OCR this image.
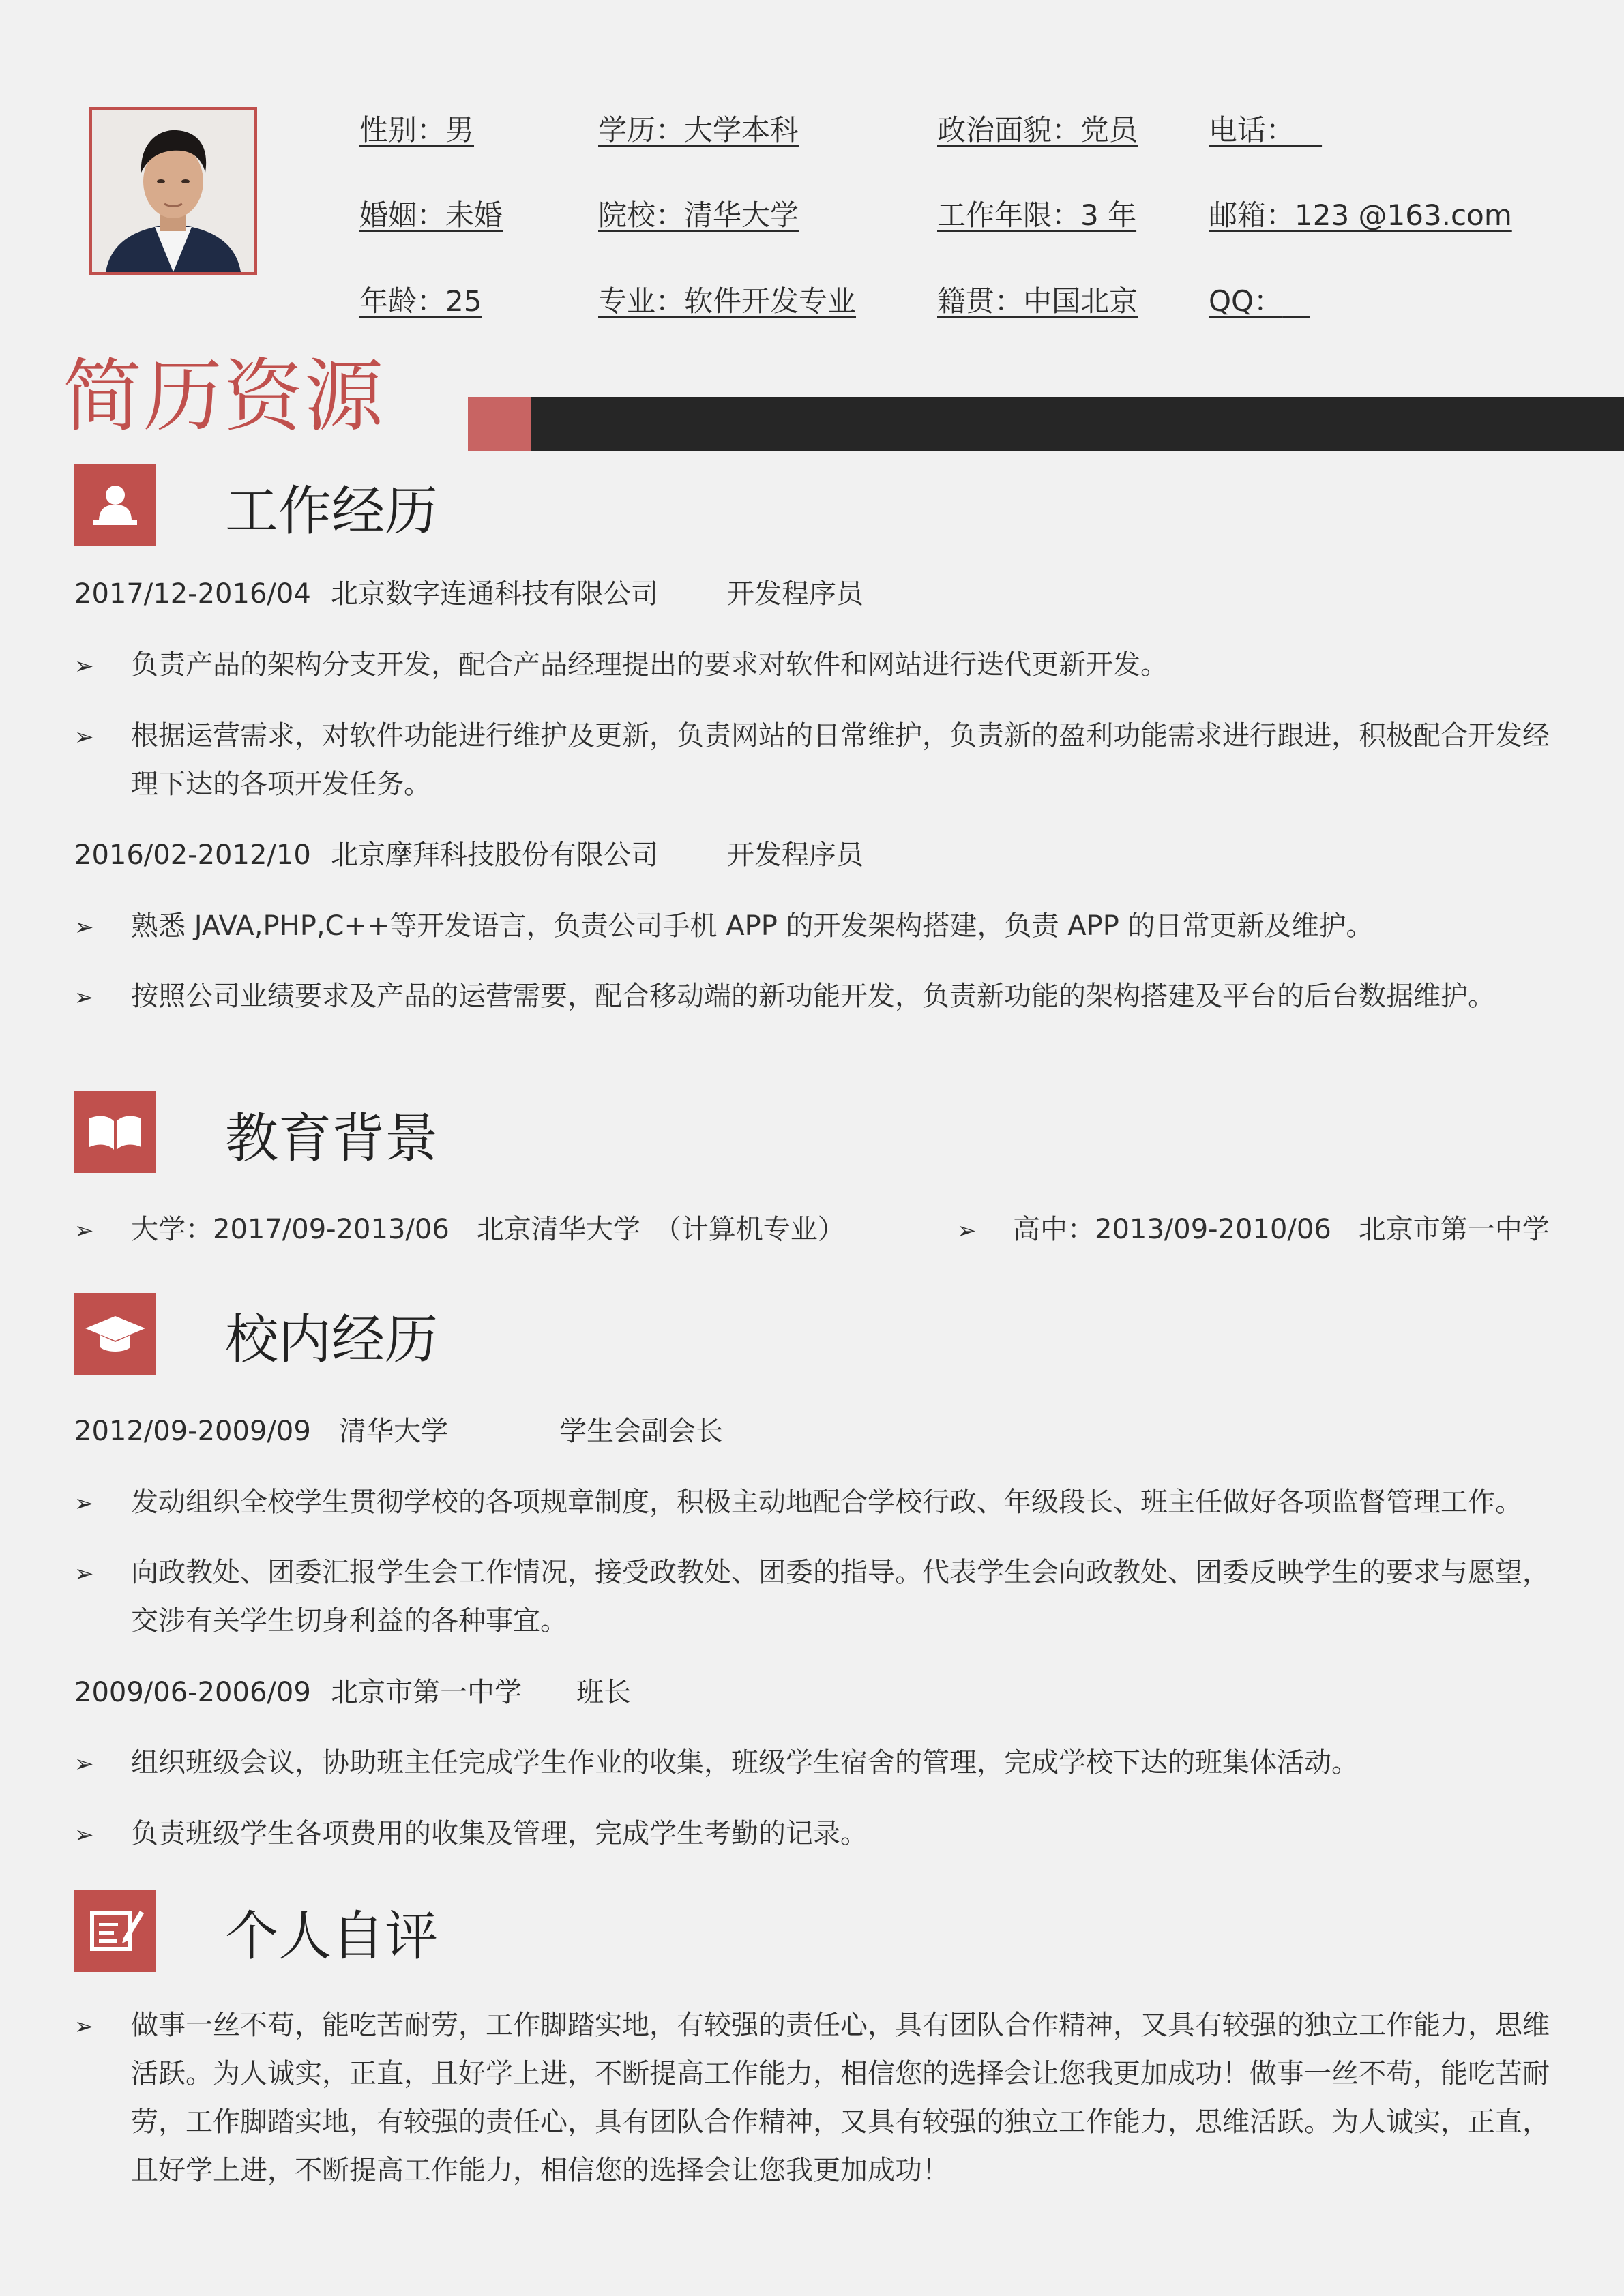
性别：男	学历：大学本科	政治面貌：党员 电话：
婚姻：未婚	院校：清华大学	工作年限：3 年	邮箱：123 @163.com
年龄：25	专业：软件开发专业	籍贯：中国北京 QQ：
简历资源
工作经历
2017/12-2016/04 北京数字连通科技有限公司	开发程序员
➢ 负责产品的架构分支开发，配合产品经理提出的要求对软件和网站进行迭代更新开发。
➢ 根据运营需求，对软件功能进行维护及更新，负责网站的日常维护，负责新的盈利功能需求进行跟进，积极配合开发经理下达的各项开发任务。
2016/02-2012/10 北京摩拜科技股份有限公司	开发程序员
➢ 熟悉 JAVA,PHP,C++等开发语言，负责公司手机 APP 的开发架构搭建，负责 APP 的日常更新及维护。
➢ 按照公司业绩要求及产品的运营需要，配合移动端的新功能开发，负责新功能的架构搭建及平台的后台数据维护。
教育背景
➢ 大学：2017/09-2013/06　北京清华大学　（计算机专业）	➢ 高中：2013/09-2010/06　北京市第一中学
校内经历
2012/09-2009/09 清华大学	学生会副会长
➢ 发动组织全校学生贯彻学校的各项规章制度，积极主动地配合学校行政、年级段长、班主任做好各项监督管理工作。
➢ 向政教处、团委汇报学生会工作情况，接受政教处、团委的指导。代表学生会向政教处、团委反映学生的要求与愿望，交涉有关学生切身利益的各种事宜。
2009/06-2006/09 北京市第一中学 班长
➢ 组织班级会议，协助班主任完成学生作业的收集，班级学生宿舍的管理，完成学校下达的班集体活动。
➢ 负责班级学生各项费用的收集及管理，完成学生考勤的记录。
个人自评
➢ 做事一丝不苟，能吃苦耐劳，工作脚踏实地，有较强的责任心，具有团队合作精神，又具有较强的独立工作能力，思维活跃。为人诚实，正直，且好学上进，不断提高工作能力，相信您的选择会让您我更加成功！做事一丝不苟，能吃苦耐劳，工作脚踏实地，有较强的责任心，具有团队合作精神，又具有较强的独立工作能力，思维活跃。为人诚实，正直，且好学上进，不断提高工作能力，相信您的选择会让您我更加成功！
